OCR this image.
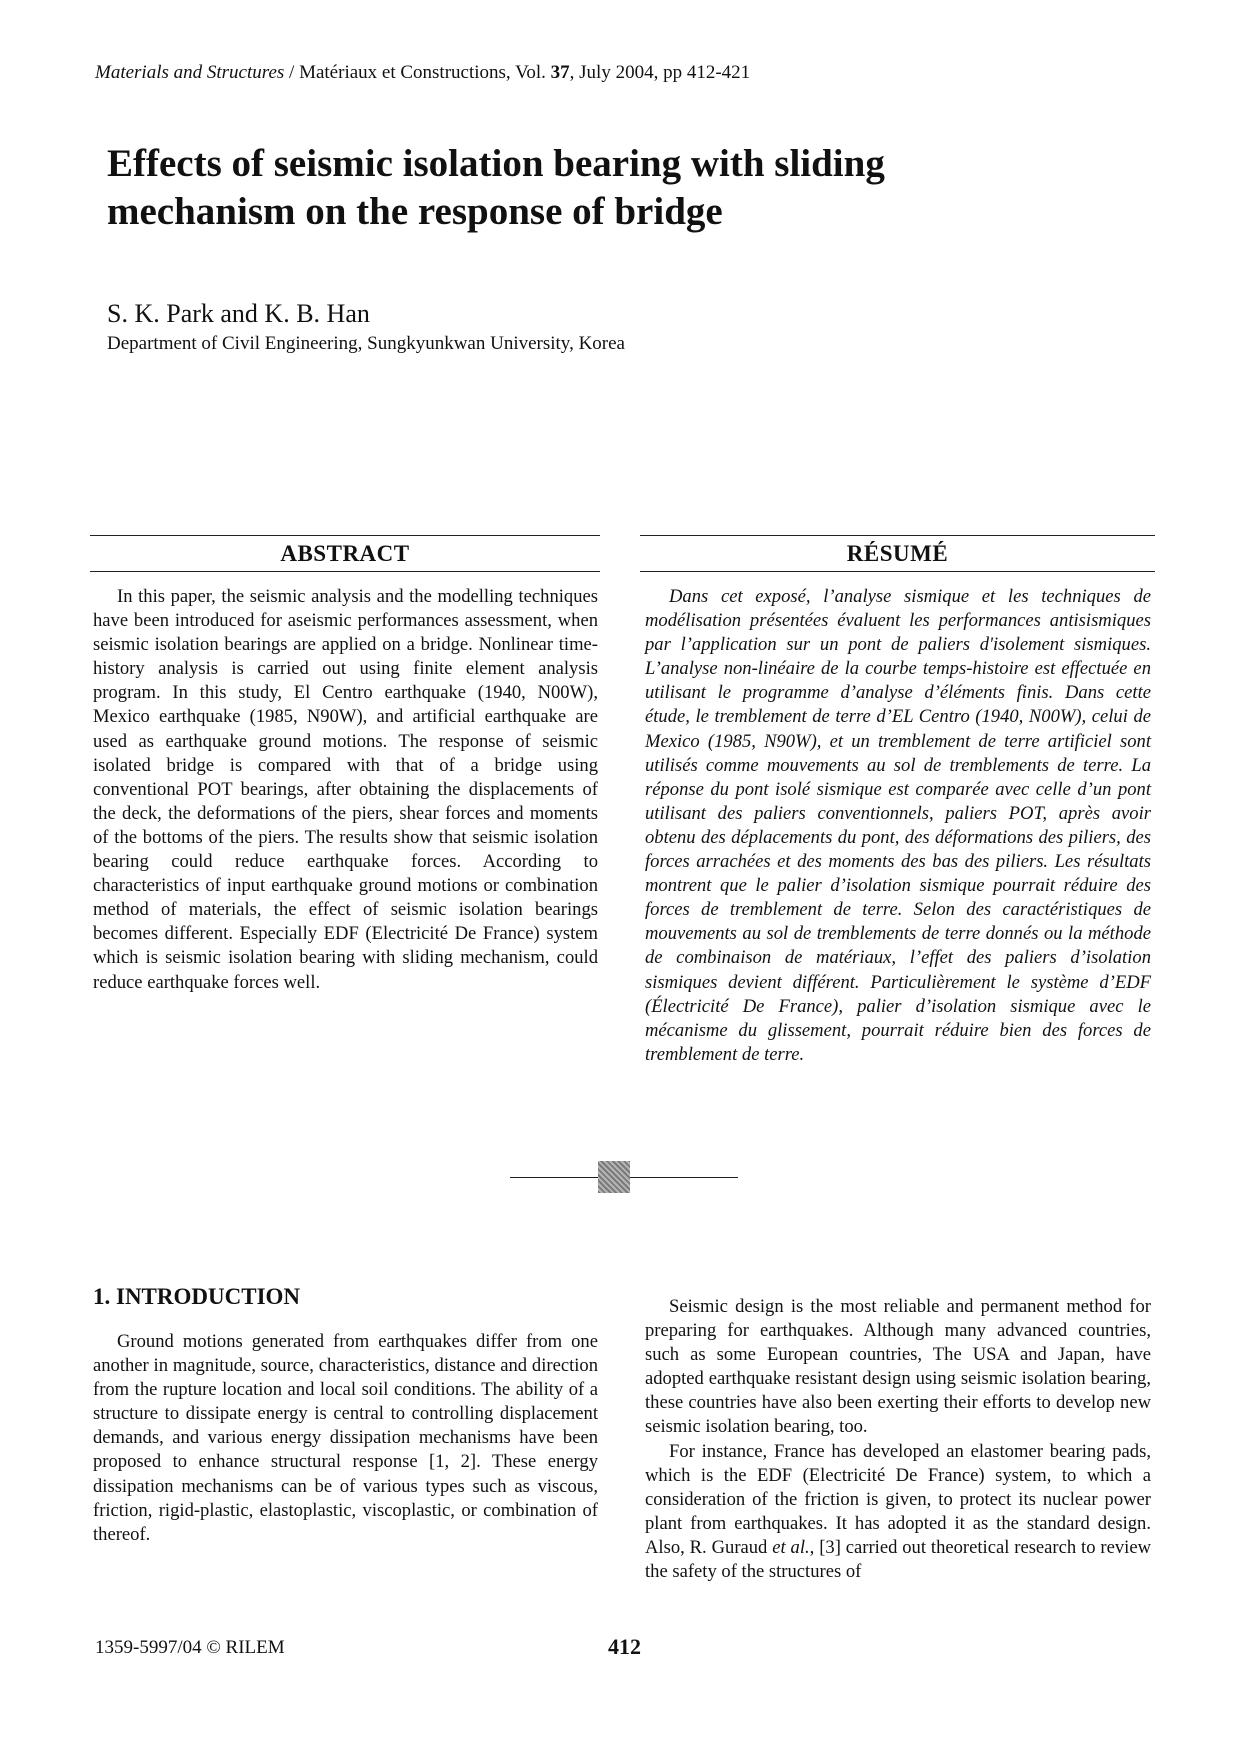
Materials and Structures / Matériaux et Constructions, Vol. 37, July 2004, pp 412-421
Effects of seismic isolation bearing with sliding
mechanism on the response of bridge
S. K. Park and K. B. Han
Department of Civil Engineering, Sungkyunkwan University, Korea
ABSTRACT

In this paper, the seismic analysis and the modelling techniques have been introduced for aseismic performances assessment, when seismic isolation bearings are applied on a bridge. Nonlinear time-history analysis is carried out using finite element analysis program. In this study, El Centro earthquake (1940, N00W), Mexico earthquake (1985, N90W), and artificial earthquake are used as earthquake ground motions. The response of seismic isolated bridge is compared with that of a bridge using conventional POT bearings, after obtaining the displacements of the deck, the deformations of the piers, shear forces and moments of the bottoms of the piers. The results show that seismic isolation bearing could reduce earthquake forces. According to characteristics of input earthquake ground motions or combination method of materials, the effect of seismic isolation bearings becomes different. Especially EDF (Electricité De France) system which is seismic isolation bearing with sliding mechanism, could reduce earthquake forces well.

RÉSUMÉ

Dans cet exposé, l’analyse sismique et les techniques de modélisation présentées évaluent les performances antisismiques par l’application sur un pont de paliers d'isolement sismiques. L’analyse non-linéaire de la courbe temps-histoire est effectuée en utilisant le programme d’analyse d’éléments finis. Dans cette étude, le tremblement de terre d’EL Centro (1940, N00W), celui de Mexico (1985, N90W), et un tremblement de terre artificiel sont utilisés comme mouvements au sol de tremblements de terre. La réponse du pont isolé sismique est comparée avec celle d’un pont utilisant des paliers conventionnels, paliers POT, après avoir obtenu des déplacements du pont, des déformations des piliers, des forces arrachées et des moments des bas des piliers. Les résultats montrent que le palier d’isolation sismique pourrait réduire des forces de tremblement de terre. Selon des caractéristiques de mouvements au sol de tremblements de terre donnés ou la méthode de combinaison de matériaux, l’effet des paliers d’isolation sismiques devient différent. Particulièrement le système d’EDF (Électricité De France), palier d’isolation sismique avec le mécanisme du glissement, pourrait réduire bien des forces de tremblement de terre.

1. INTRODUCTION

Ground motions generated from earthquakes differ from one another in magnitude, source, characteristics, distance and direction from the rupture location and local soil conditions. The ability of a structure to dissipate energy is central to controlling displacement demands, and various energy dissipation mechanisms have been proposed to enhance structural response [1, 2]. These energy dissipation mechanisms can be of various types such as viscous, friction, rigid-plastic, elastoplastic, viscoplastic, or combination of thereof.

Seismic design is the most reliable and permanent method for preparing for earthquakes. Although many advanced countries, such as some European countries, The USA and Japan, have adopted earthquake resistant design using seismic isolation bearing, these countries have also been exerting their efforts to develop new seismic isolation bearing, too.

For instance, France has developed an elastomer bearing pads, which is the EDF (Electricité De France) system, to which a consideration of the friction is given, to protect its nuclear power plant from earthquakes. It has adopted it as the standard design. Also, R. Guraud et al., [3] carried out theoretical research to review the safety of the structures of

1359-5997/04 © RILEM	412
